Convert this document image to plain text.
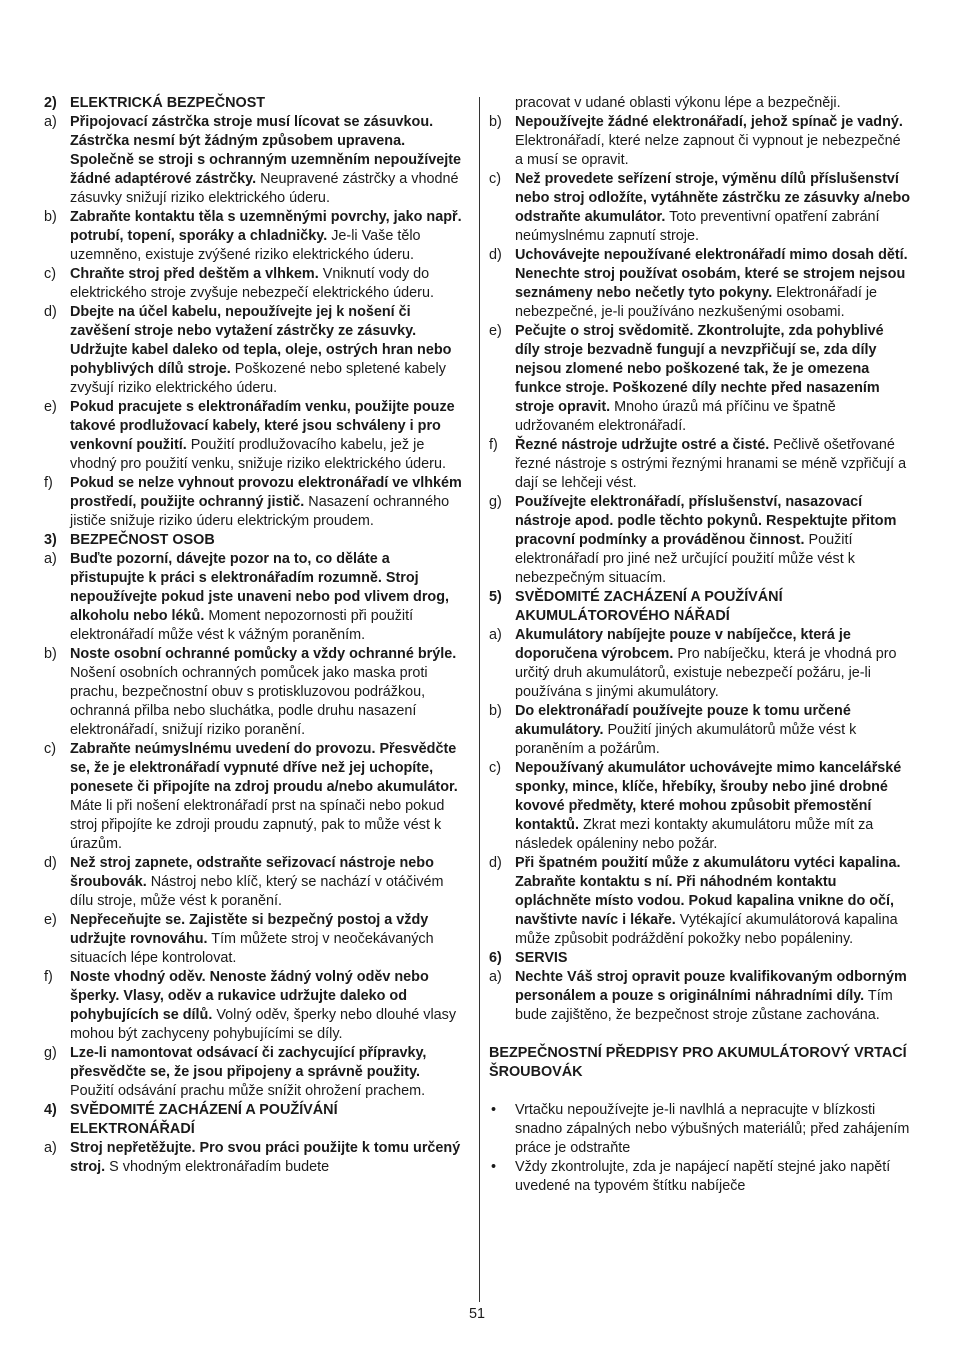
2) ELEKTRICKÁ BEZPEČNOST
a) Připojovací zástrčka stroje musí lícovat se zásuvkou. Zástrčka nesmí být žádným způsobem upravena. Společně se stroji s ochranným uzemněním nepoužívejte žádné adaptérové zástrčky. Neupravené zástrčky a vhodné zásuvky snižují riziko elektrického úderu.
b) Zabraňte kontaktu těla s uzemněnými povrchy, jako např. potrubí, topení, sporáky a chladničky. Je-li Vaše tělo uzemněno, existuje zvýšené riziko elektrického úderu.
c) Chraňte stroj před deštěm a vlhkem. Vniknutí vody do elektrického stroje zvyšuje nebezpečí elektrického úderu.
d) Dbejte na účel kabelu, nepoužívejte jej k nošení či zavěšení stroje nebo vytažení zástrčky ze zásuvky. Udržujte kabel daleko od tepla, oleje, ostrých hran nebo pohyblivých dílů stroje. Poškozené nebo spletené kabely zvyšují riziko elektrického úderu.
e) Pokud pracujete s elektronářadím venku, použijte pouze takové prodlužovací kabely, které jsou schváleny i pro venkovní použití. Použití prodlužovacího kabelu, jež je vhodný pro použití venku, snižuje riziko elektrického úderu.
f) Pokud se nelze vyhnout provozu elektronářadí ve vlhkém prostředí, použijte ochranný jistič. Nasazení ochranného jističe snižuje riziko úderu elektrickým proudem.
3) BEZPEČNOST OSOB
a) Buďte pozorní, dávejte pozor na to, co děláte a přistupujte k práci s elektronářadím rozumně. Stroj nepoužívejte pokud jste unaveni nebo pod vlivem drog, alkoholu nebo léků. Moment nepozornosti při použití elektronářadí může vést k vážným poraněním.
b) Noste osobní ochranné pomůcky a vždy ochranné brýle. Nošení osobních ochranných pomůcek jako maska proti prachu, bezpečnostní obuv s protiskluzovou podrážkou, ochranná přilba nebo sluchátka, podle druhu nasazení elektronářadí, snižují riziko poranění.
c) Zabraňte neúmyslnému uvedení do provozu. Přesvědčte se, že je elektronářadí vypnuté dříve než jej uchopíte, ponesete či připojíte na zdroj proudu a/nebo akumulátor. Máte li při nošení elektronářadí prst na spínači nebo pokud stroj připojíte ke zdroji proudu zapnutý, pak to může vést k úrazům.
d) Než stroj zapnete, odstraňte seřizovací nástroje nebo šroubovák. Nástroj nebo klíč, který se nachází v otáčivém dílu stroje, může vést k poranění.
e) Nepřeceňujte se. Zajistěte si bezpečný postoj a vždy udržujte rovnováhu. Tím můžete stroj v neočekávaných situacích lépe kontrolovat.
f) Noste vhodný oděv. Nenoste žádný volný oděv nebo šperky. Vlasy, oděv a rukavice udržujte daleko od pohybujících se dílů. Volný oděv, šperky nebo dlouhé vlasy mohou být zachyceny pohybujícími se díly.
g) Lze-li namontovat odsávací či zachycující přípravky, přesvědčte se, že jsou připojeny a správně použity. Použití odsávání prachu může snížit ohrožení prachem.
4) SVĚDOMITÉ ZACHÁZENÍ A POUŽÍVÁNÍ ELEKTRONÁŘADÍ
a) Stroj nepřetěžujte. Pro svou práci použijte k tomu určený stroj. S vhodným elektronářadím budete
pracovat v udané oblasti výkonu lépe a bezpečněji.
b) Nepoužívejte žádné elektronářadí, jehož spínač je vadný. Elektronářadí, které nelze zapnout či vypnout je nebezpečné a musí se opravit.
c) Než provedete seřízení stroje, výměnu dílů příslušenství nebo stroj odložíte, vytáhněte zástrčku ze zásuvky a/nebo odstraňte akumulátor. Toto preventivní opatření zabrání neúmyslnému zapnutí stroje.
d) Uchovávejte nepoužívané elektronářadí mimo dosah dětí. Nenechte stroj používat osobám, které se strojem nejsou seznámeny nebo nečetly tyto pokyny. Elektronářadí je nebezpečné, je-li používáno nezkušenými osobami.
e) Pečujte o stroj svědomitě. Zkontrolujte, zda pohyblivé díly stroje bezvadně fungují a nevzpřičují se, zda díly nejsou zlomené nebo poškozené tak, že je omezena funkce stroje. Poškozené díly nechte před nasazením stroje opravit. Mnoho úrazů má příčinu ve špatně udržovaném elektronářadí.
f) Řezné nástroje udržujte ostré a čisté. Pečlivě ošetřované řezné nástroje s ostrými řeznými hranami se méně vzpřičují a dají se lehčeji vést.
g) Používejte elektronářadí, příslušenství, nasazovací nástroje apod. podle těchto pokynů. Respektujte přitom pracovní podmínky a prováděnou činnost. Použití elektronářadí pro jiné než určující použití může vést k nebezpečným situacím.
5) SVĚDOMITÉ ZACHÁZENÍ A POUŽÍVÁNÍ AKUMULÁTOROVÉHO NÁŘADÍ
a) Akumulátory nabíjejte pouze v nabíječce, která je doporučena výrobcem. Pro nabíječku, která je vhodná pro určitý druh akumulátorů, existuje nebezpečí požáru, je-li používána s jinými akumulátory.
b) Do elektronářadí používejte pouze k tomu určené akumulátory. Použití jiných akumulátorů může vést k poraněním a požárům.
c) Nepoužívaný akumulátor uchovávejte mimo kancelářské sponky, mince, klíče, hřebíky, šrouby nebo jiné drobné kovové předměty, které mohou způsobit přemostění kontaktů. Zkrat mezi kontakty akumulátoru může mít za následek opáleniny nebo požár.
d) Při špatném použití může z akumulátoru vytéci kapalina. Zabraňte kontaktu s ní. Při náhodném kontaktu opláchněte místo vodou. Pokud kapalina vnikne do očí, navštivte navíc i lékaře. Vytékající akumulátorová kapalina může způsobit podráždění pokožky nebo popáleniny.
6) SERVIS
a) Nechte Váš stroj opravit pouze kvalifikovaným odborným personálem a pouze s originálními náhradními díly. Tím bude zajištěno, že bezpečnost stroje zůstane zachována.
BEZPEČNOSTNÍ PŘEDPISY PRO AKUMULÁTOROVÝ VRTACÍ ŠROUBOVÁK
• Vrtačku nepoužívejte je-li navlhlá a nepracujte v blízkosti snadno zápalných nebo výbušných materiálů; před zahájením práce je odstraňte
• Vždy zkontrolujte, zda je napájecí napětí stejné jako napětí uvedené na typovém štítku nabíječe
51
